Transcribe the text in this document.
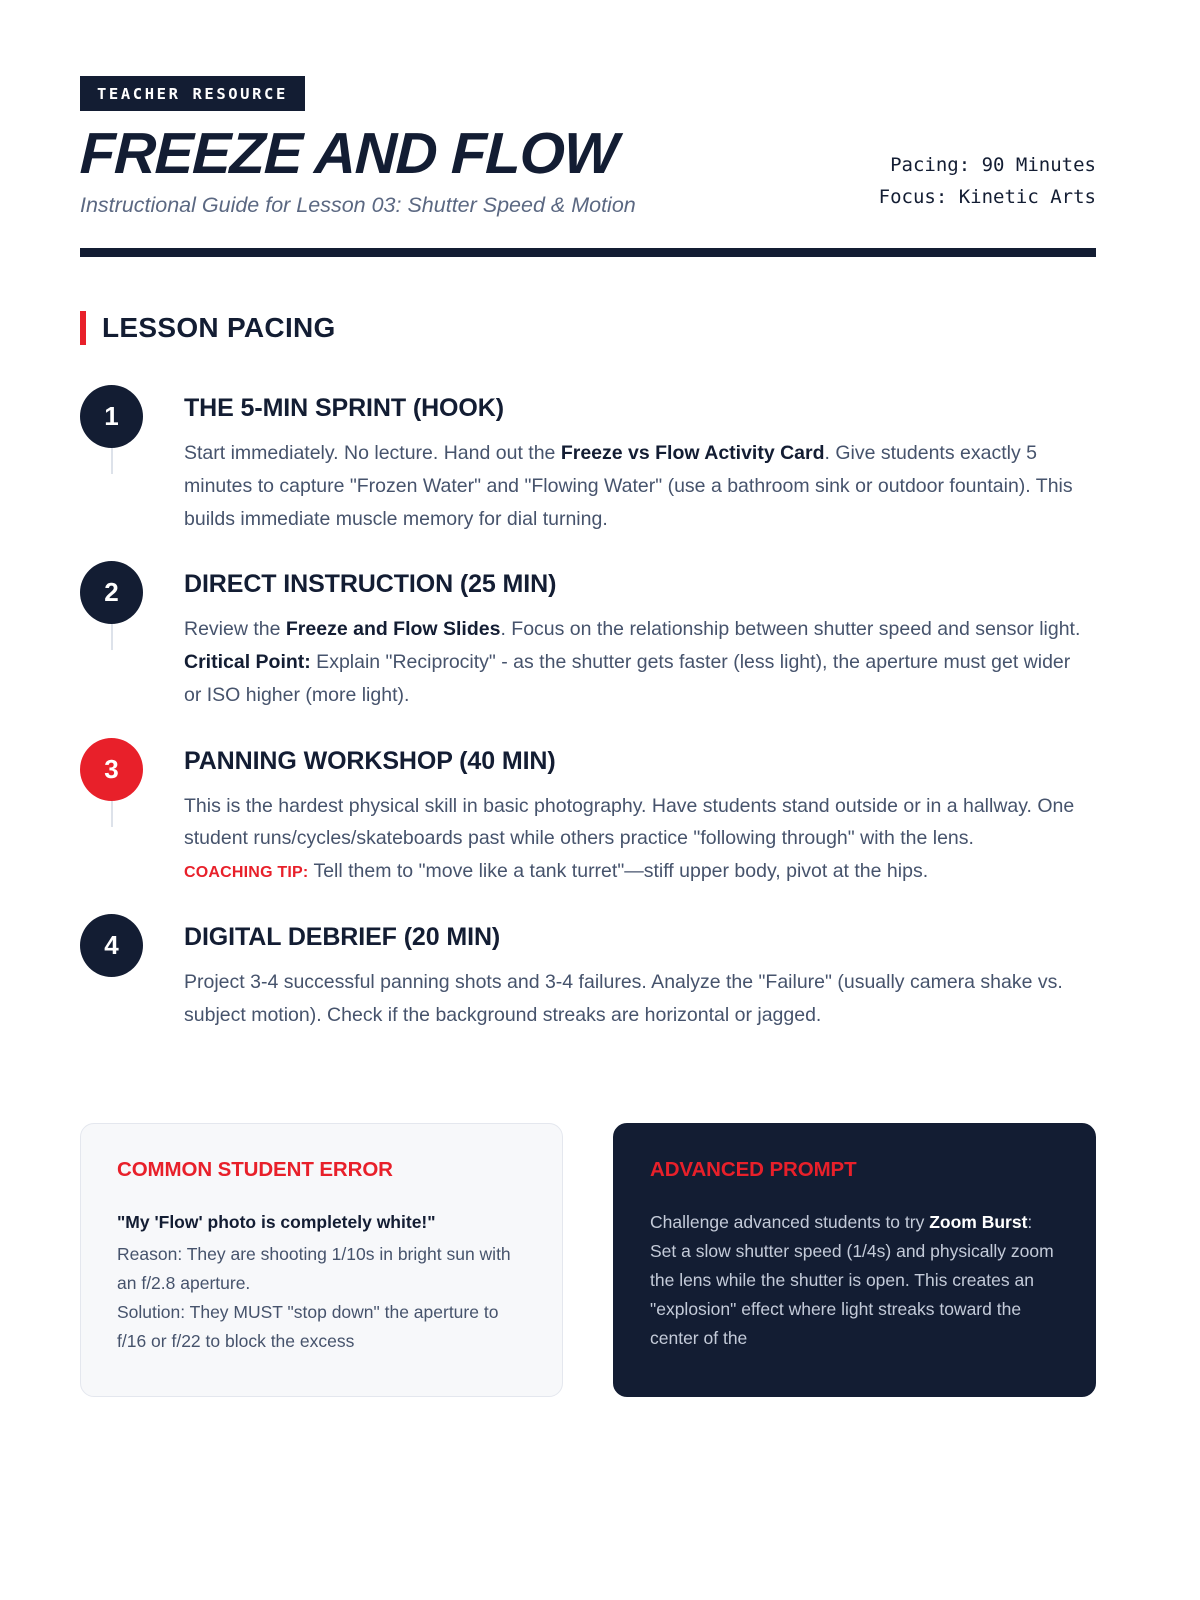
TEACHER RESOURCE
FREEZE AND FLOW
Instructional Guide for Lesson 03: Shutter Speed & Motion
Pacing: 90 Minutes
Focus: Kinetic Arts
LESSON PACING
1	THE 5-MIN SPRINT (HOOK)

Start immediately. No lecture. Hand out the Freeze vs Flow Activity Card. Give students exactly 5 minutes to capture "Frozen Water" and "Flowing Water" (use a bathroom sink or outdoor fountain). This builds immediate muscle memory for dial turning.

2	DIRECT INSTRUCTION (25 MIN)

Review the Freeze and Flow Slides. Focus on the relationship between shutter speed and sensor light.
Critical Point: Explain "Reciprocity" - as the shutter gets faster (less light), the aperture must get wider or ISO higher (more light).

3	PANNING WORKSHOP (40 MIN)

This is the hardest physical skill in basic photography. Have students stand outside or in a hallway. One student runs/cycles/skateboards past while others practice "following through" with the lens.
COACHING TIP: Tell them to "move like a tank turret"—stiff upper body, pivot at the hips.

4	DIGITAL DEBRIEF (20 MIN)

Project 3-4 successful panning shots and 3-4 failures. Analyze the "Failure" (usually camera shake vs. subject motion). Check if the background streaks are horizontal or jagged.

COMMON STUDENT ERROR

"My 'Flow' photo is completely white!"
Reason: They are shooting 1/10s in bright sun with an f/2.8 aperture.
Solution: They MUST "stop down" the aperture to f/16 or f/22 to block the excess

ADVANCED PROMPT

Challenge advanced students to try Zoom Burst: Set a slow shutter speed (1/4s) and physically zoom the lens while the shutter is open. This creates an "explosion" effect where light streaks toward the center of the
